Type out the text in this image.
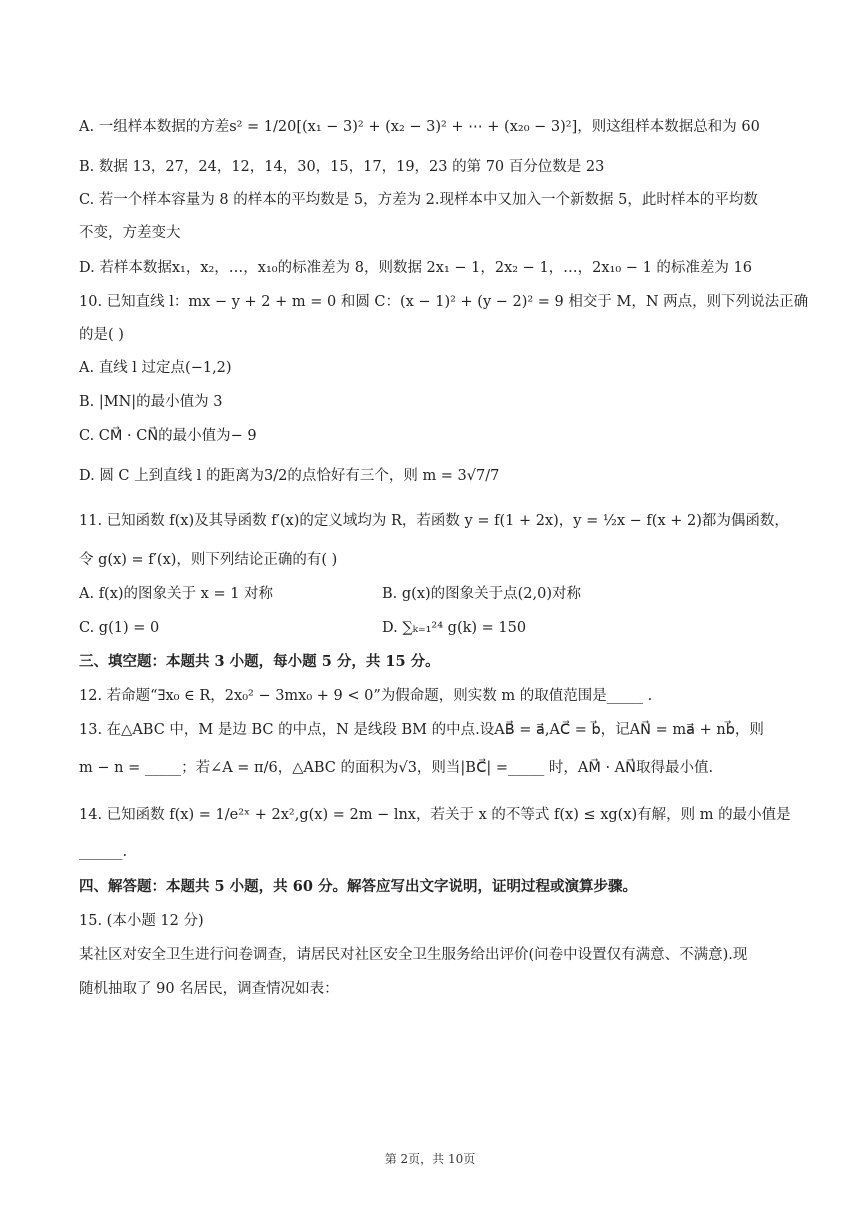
A. 一组样本数据的方差s² = 1/20[(x₁ − 3)² + (x₂ − 3)² + ⋯ + (x₂₀ − 3)²]，则这组样本数据总和为 60
B. 数据 13，27，24，12，14，30，15，17，19，23 的第 70 百分位数是 23
C. 若一个样本容量为 8 的样本的平均数是 5，方差为 2.现样本中又加入一个新数据 5，此时样本的平均数
不变，方差变大
D. 若样本数据x₁，x₂，…，x₁₀的标准差为 8，则数据 2x₁ − 1，2x₂ − 1，…，2x₁₀ − 1 的标准差为 16
10. 已知直线 l：mx − y + 2 + m = 0 和圆 C：(x − 1)² + (y − 2)² = 9 相交于 M，N 两点，则下列说法正确
的是( )
A. 直线 l 过定点(−1,2)
B. |MN|的最小值为 3
C. CM⃗ · CN⃗的最小值为− 9
D. 圆 C 上到直线 l 的距离为3/2的点恰好有三个，则 m = 3√7/7
11. 已知函数 f(x)及其导函数 f′(x)的定义域均为 R，若函数 y = f(1 + 2x)，y = ½x − f(x + 2)都为偶函数，
令 g(x) = f′(x)，则下列结论正确的有( )
A. f(x)的图象关于 x = 1 对称	B. g(x)的图象关于点(2,0)对称
C. g(1) = 0	D. ∑ₖ₌₁²⁴ g(k) = 150
三、填空题：本题共 3 小题，每小题 5 分，共 15 分。
12. 若命题“∃x₀ ∈ R，2x₀² − 3mx₀ + 9 < 0”为假命题，则实数 m 的取值范围是_____ .
13. 在△ABC 中，M 是边 BC 的中点，N 是线段 BM 的中点.设AB⃗ = a⃗,AC⃗ = b⃗，记AN⃗ = ma⃗ + nb⃗，则
m − n = _____；若∠A = π/6，△ABC 的面积为√3，则当|BC⃗| =_____ 时，AM⃗ · AN⃗取得最小值.
14. 已知函数 f(x) = 1/e²ˣ + 2x²,g(x) = 2m − lnx，若关于 x 的不等式 f(x) ≤ xg(x)有解，则 m 的最小值是
______.
四、解答题：本题共 5 小题，共 60 分。解答应写出文字说明，证明过程或演算步骤。
15. (本小题 12 分)
某社区对安全卫生进行问卷调查，请居民对社区安全卫生服务给出评价(问卷中设置仅有满意、不满意).现
随机抽取了 90 名居民，调查情况如表：
第 2页，共 10页
